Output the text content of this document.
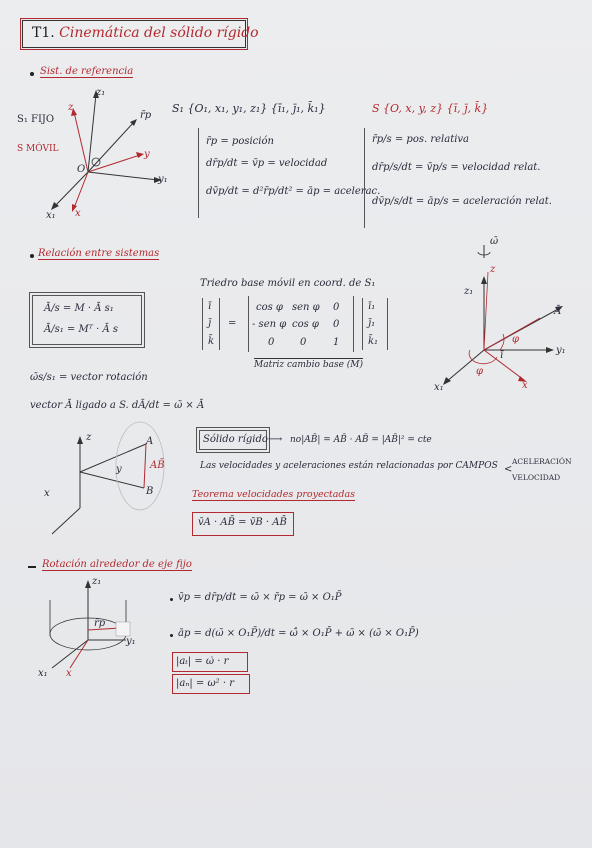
T1. Cinemática del sólido rígido
Sist. de referencia
z₁
y₁
x₁
z
y
x
O
r̄p
S₁ FIJO
S MÓVIL
S₁ {O₁, x₁, y₁, z₁} {ī₁, j̄₁, k̄₁}	S {O, x, y, z} {ī, j̄, k̄}
r̄p = posición
dr̄p/dt = v̄p = velocidad
dv̄p/dt = d²r̄p/dt² = āp = acelerac.
r̄p/s = pos. relativa
dr̄p/s/dt = v̄p/s = velocidad relat.
dv̄p/s/dt = āp/s = aceleración relat.
Relación entre sistemas
Ā/s = M · Ā s₁
Ā/s₁ = Mᵀ · Ā s
Triedro base móvil en coord. de S₁
ī
j̄
k̄
=
cos φ sen φ 0
- sen φ cos φ 0
0	0	1
ī₁
j̄₁
k̄₁
Matriz cambio base (M)
ω̄s/s₁ = vector rotación
vector Ā ligado a S. dĀ/dt = ω̄ × Ā
ω̄
z
z₁
Ā
y₁
x₁	x
φ
φ
ī
z	A
B
x
y	AB̄
Sólido rígido ⟶ no|AB̄| = AB̄ · AB̄ = |AB̄|² = cte
Las velocidades y aceleraciones están relacionadas por CAMPOS <
ACELERACIÓN
VELOCIDAD
Teorema velocidades proyectadas
v̄A · AB̄ = v̄B · AB̄
Rotación alrededor de eje fijo
z₁
y₁
x₁ x
r̄p
v̄p = dr̄p/dt = ω̄ × r̄p = ω̄ × O₁P̄
āp = d(ω̄ × O₁P̄)/dt = ω̄̇ × O₁P̄ + ω̄ × (ω̄ × O₁P̄)
|aₜ| = ω̇ · r
|aₙ| = ω² · r
